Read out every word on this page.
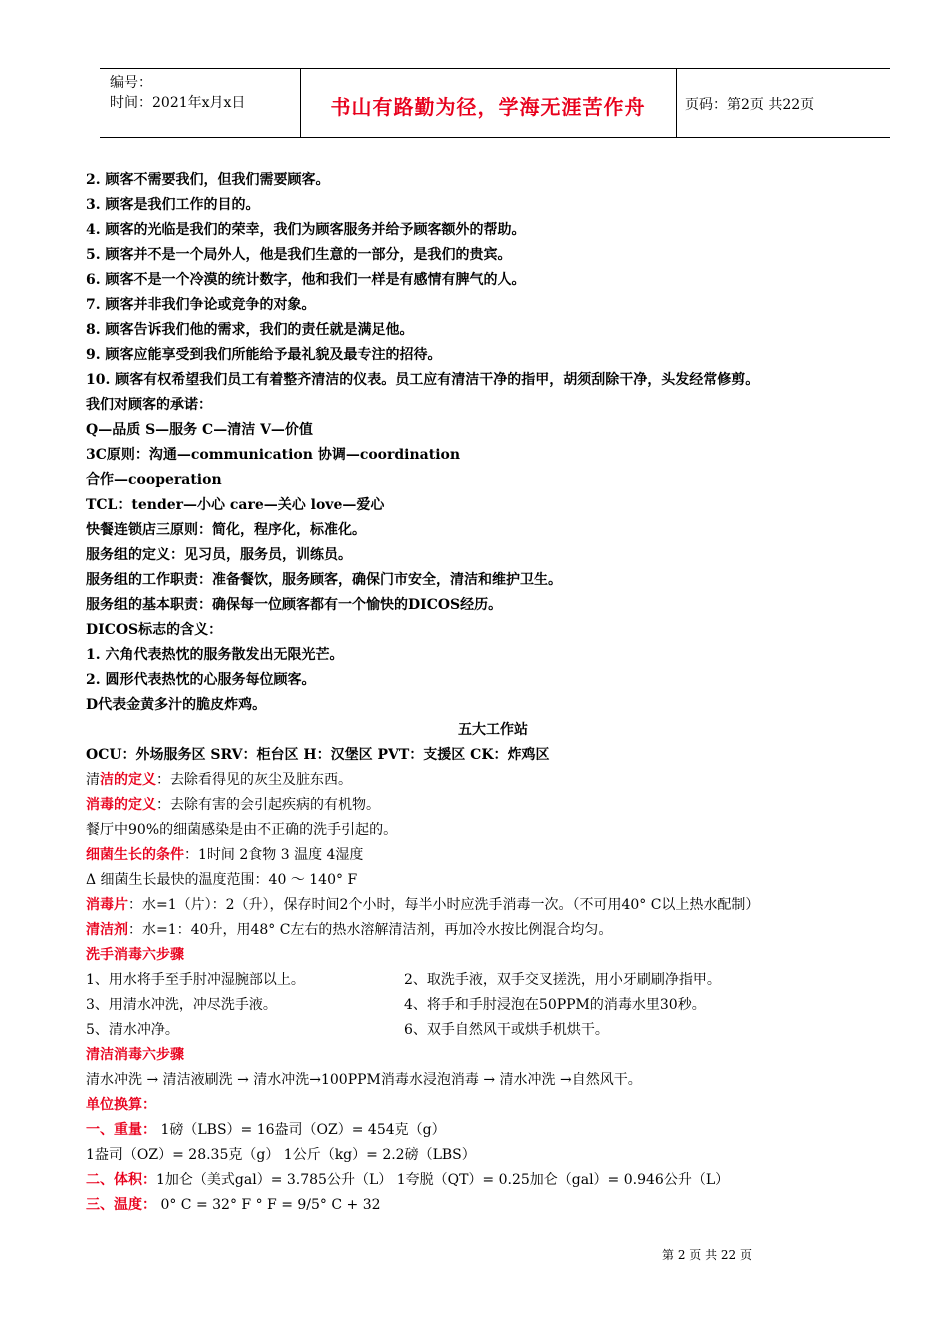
编号：
时间：2021年x月x日	书山有路勤为径，学海无涯苦作舟	页码：第2页 共22页
2. 顾客不需要我们，但我们需要顾客。
3. 顾客是我们工作的目的。
4. 顾客的光临是我们的荣幸，我们为顾客服务并给予顾客额外的帮助。
5. 顾客并不是一个局外人，他是我们生意的一部分，是我们的贵宾。
6. 顾客不是一个冷漠的统计数字，他和我们一样是有感情有脾气的人。
7. 顾客并非我们争论或竞争的对象。
8. 顾客告诉我们他的需求，我们的责任就是满足他。
9. 顾客应能享受到我们所能给予最礼貌及最专注的招待。
10. 顾客有权希望我们员工有着整齐清洁的仪表。员工应有清洁干净的指甲，胡须刮除干净，头发经常修剪。
我们对顾客的承诺：
Q—品质 S—服务 C—清洁 V—价值
3C原则：沟通—communication 协调—coordination
合作—cooperation
TCL：tender—小心 care—关心 love—爱心
快餐连锁店三原则：简化，程序化，标准化。
服务组的定义：见习员，服务员，训练员。
服务组的工作职责：准备餐饮，服务顾客，确保门市安全，清洁和维护卫生。
服务组的基本职责：确保每一位顾客都有一个愉快的DICOS经历。
DICOS标志的含义：
1. 六角代表热忱的服务散发出无限光芒。
2. 圆形代表热忱的心服务每位顾客。
D代表金黄多汁的脆皮炸鸡。
五大工作站
OCU：外场服务区 SRV：柜台区 H：汉堡区 PVT：支援区 CK：炸鸡区
清洁的定义：去除看得见的灰尘及脏东西。
消毒的定义：去除有害的会引起疾病的有机物。
餐厅中90%的细菌感染是由不正确的洗手引起的。
细菌生长的条件：1时间 2食物 3 温度 4湿度
Δ 细菌生长最快的温度范围：40 ～ 140° F
消毒片：水=1（片）：2（升），保存时间2个小时，每半小时应洗手消毒一次。（不可用40° C以上热水配制）
清洁剂：水=1：40升，用48° C左右的热水溶解清洁剂，再加冷水按比例混合均匀。
洗手消毒六步骤
1、用水将手至手肘冲湿腕部以上。	2、取洗手液，双手交叉搓洗，用小牙刷刷净指甲。
3、用清水冲洗，冲尽洗手液。	4、将手和手肘浸泡在50PPM的消毒水里30秒。
5、清水冲净。	6、双手自然风干或烘手机烘干。
清洁消毒六步骤
清水冲洗 → 清洁液刷洗 → 清水冲洗→100PPM消毒水浸泡消毒 → 清水冲洗 →自然风干。
单位换算：
一、重量： 1磅（LBS）= 16盎司（OZ）= 454克（g）
1盎司（OZ）= 28.35克（g） 1公斤（kg）= 2.2磅（LBS）
二、体积：1加仑（美式gal）= 3.785公升（L） 1夸脱（QT）= 0.25加仑（gal）= 0.946公升（L）
三、温度： 0° C = 32° F ° F = 9/5° C + 32
第 2 页 共 22 页
